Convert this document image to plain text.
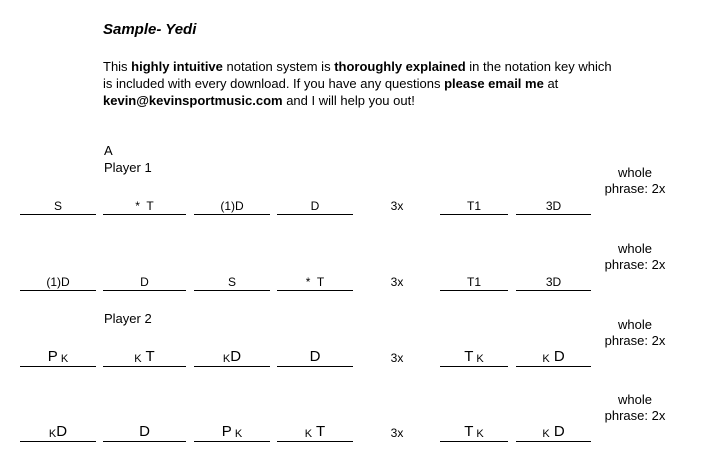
Sample- Yedi
This highly intuitive notation system is thoroughly explained in the notation key which is included with every download. If you have any questions please email me at kevin@kevinsportmusic.com and I will help you out!
A
Player 1
S	*  T	(1)D	D	3x	T1	3D
whole
phrase: 2x
(1)D	D	S	*  T	3x	T1	3D
whole
phrase: 2x
Player 2
P K	K T	K D	D	3x	T K	K D
whole
phrase: 2x
K D	D	P K	K T	3x	T K	K D
whole
phrase: 2x
